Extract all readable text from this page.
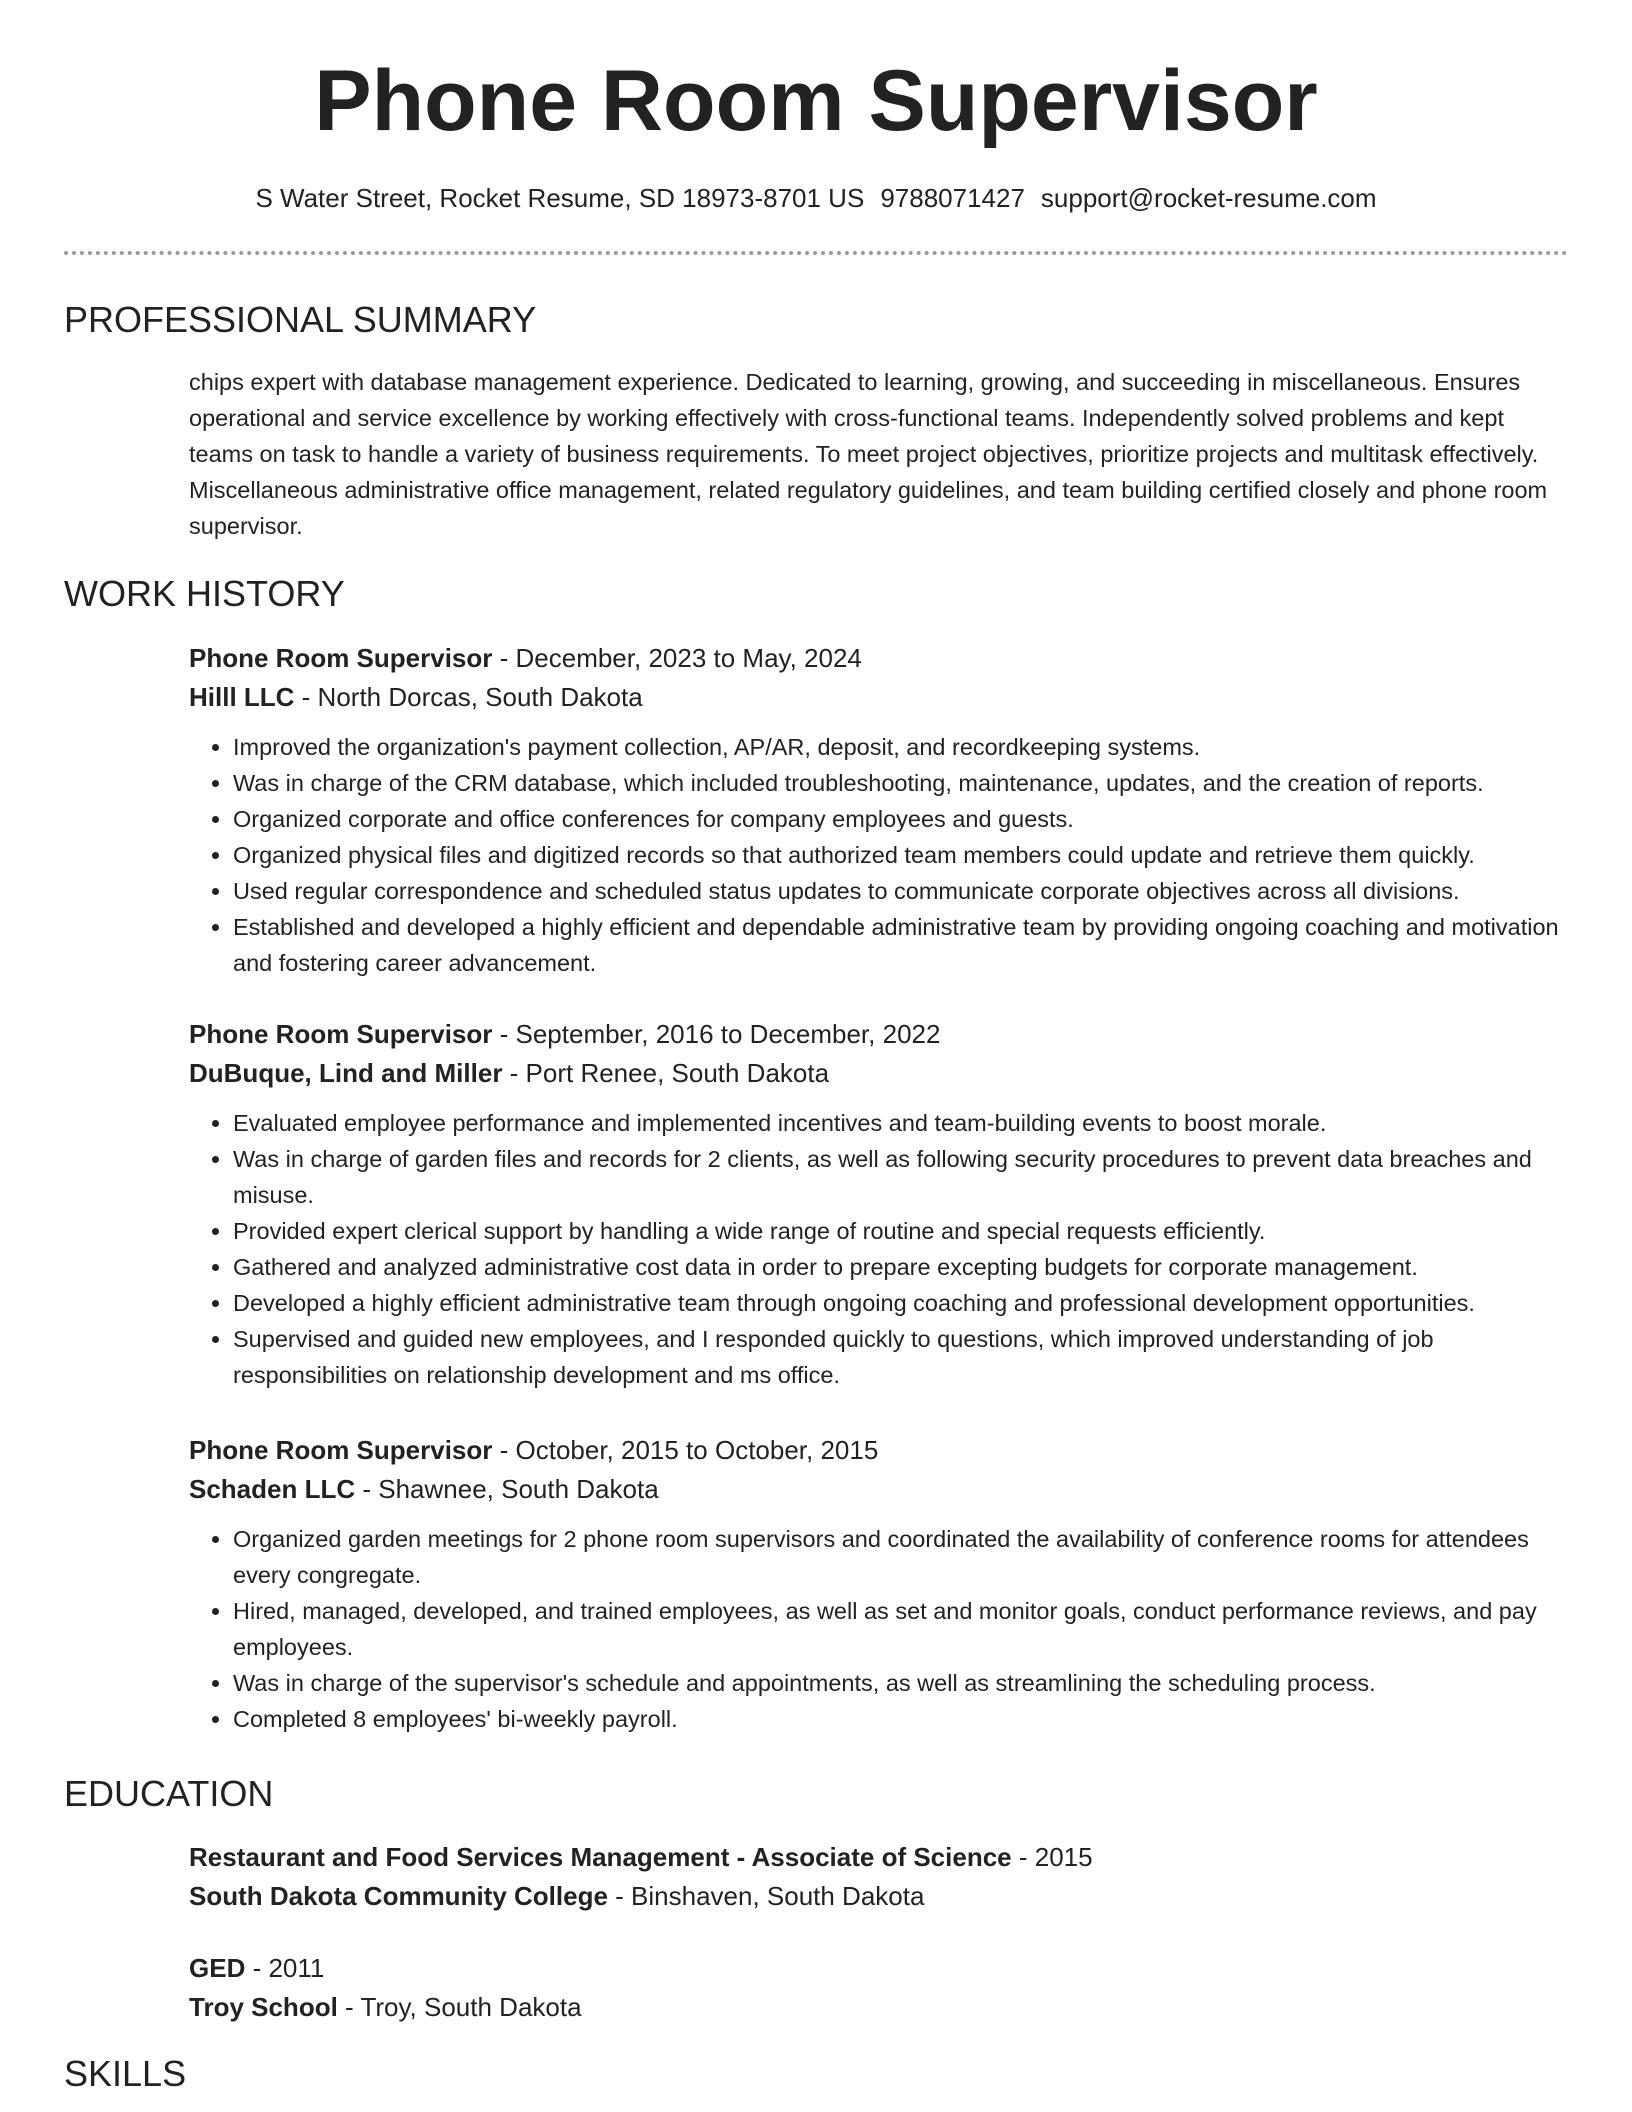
Phone Room Supervisor
S Water Street, Rocket Resume, SD 18973-8701 US 9788071427 support@rocket-resume.com
PROFESSIONAL SUMMARY

chips expert with database management experience. Dedicated to learning, growing, and succeeding in miscellaneous. Ensures operational and service excellence by working effectively with cross-functional teams. Independently solved problems and kept teams on task to handle a variety of business requirements. To meet project objectives, prioritize projects and multitask effectively. Miscellaneous administrative office management, related regulatory guidelines, and team building certified closely and phone room supervisor.

WORK HISTORY
Phone Room Supervisor - December, 2023 to May, 2024
Hilll LLC - North Dorcas, South Dakota
• Improved the organization's payment collection, AP/AR, deposit, and recordkeeping systems.
• Was in charge of the CRM database, which included troubleshooting, maintenance, updates, and the creation of reports.
• Organized corporate and office conferences for company employees and guests.
• Organized physical files and digitized records so that authorized team members could update and retrieve them quickly.
• Used regular correspondence and scheduled status updates to communicate corporate objectives across all divisions.
• Established and developed a highly efficient and dependable administrative team by providing ongoing coaching and motivation and fostering career advancement.
Phone Room Supervisor - September, 2016 to December, 2022
DuBuque, Lind and Miller - Port Renee, South Dakota
• Evaluated employee performance and implemented incentives and team-building events to boost morale.
• Was in charge of garden files and records for 2 clients, as well as following security procedures to prevent data breaches and misuse.
• Provided expert clerical support by handling a wide range of routine and special requests efficiently.
• Gathered and analyzed administrative cost data in order to prepare excepting budgets for corporate management.
• Developed a highly efficient administrative team through ongoing coaching and professional development opportunities.
• Supervised and guided new employees, and I responded quickly to questions, which improved understanding of job responsibilities on relationship development and ms office.
Phone Room Supervisor - October, 2015 to October, 2015
Schaden LLC - Shawnee, South Dakota
• Organized garden meetings for 2 phone room supervisors and coordinated the availability of conference rooms for attendees every congregate.
• Hired, managed, developed, and trained employees, as well as set and monitor goals, conduct performance reviews, and pay employees.
• Was in charge of the supervisor's schedule and appointments, as well as streamlining the scheduling process.
• Completed 8 employees' bi-weekly payroll.
EDUCATION
Restaurant and Food Services Management - Associate of Science - 2015
South Dakota Community College - Binshaven, South Dakota
GED - 2011
Troy School - Troy, South Dakota
SKILLS
